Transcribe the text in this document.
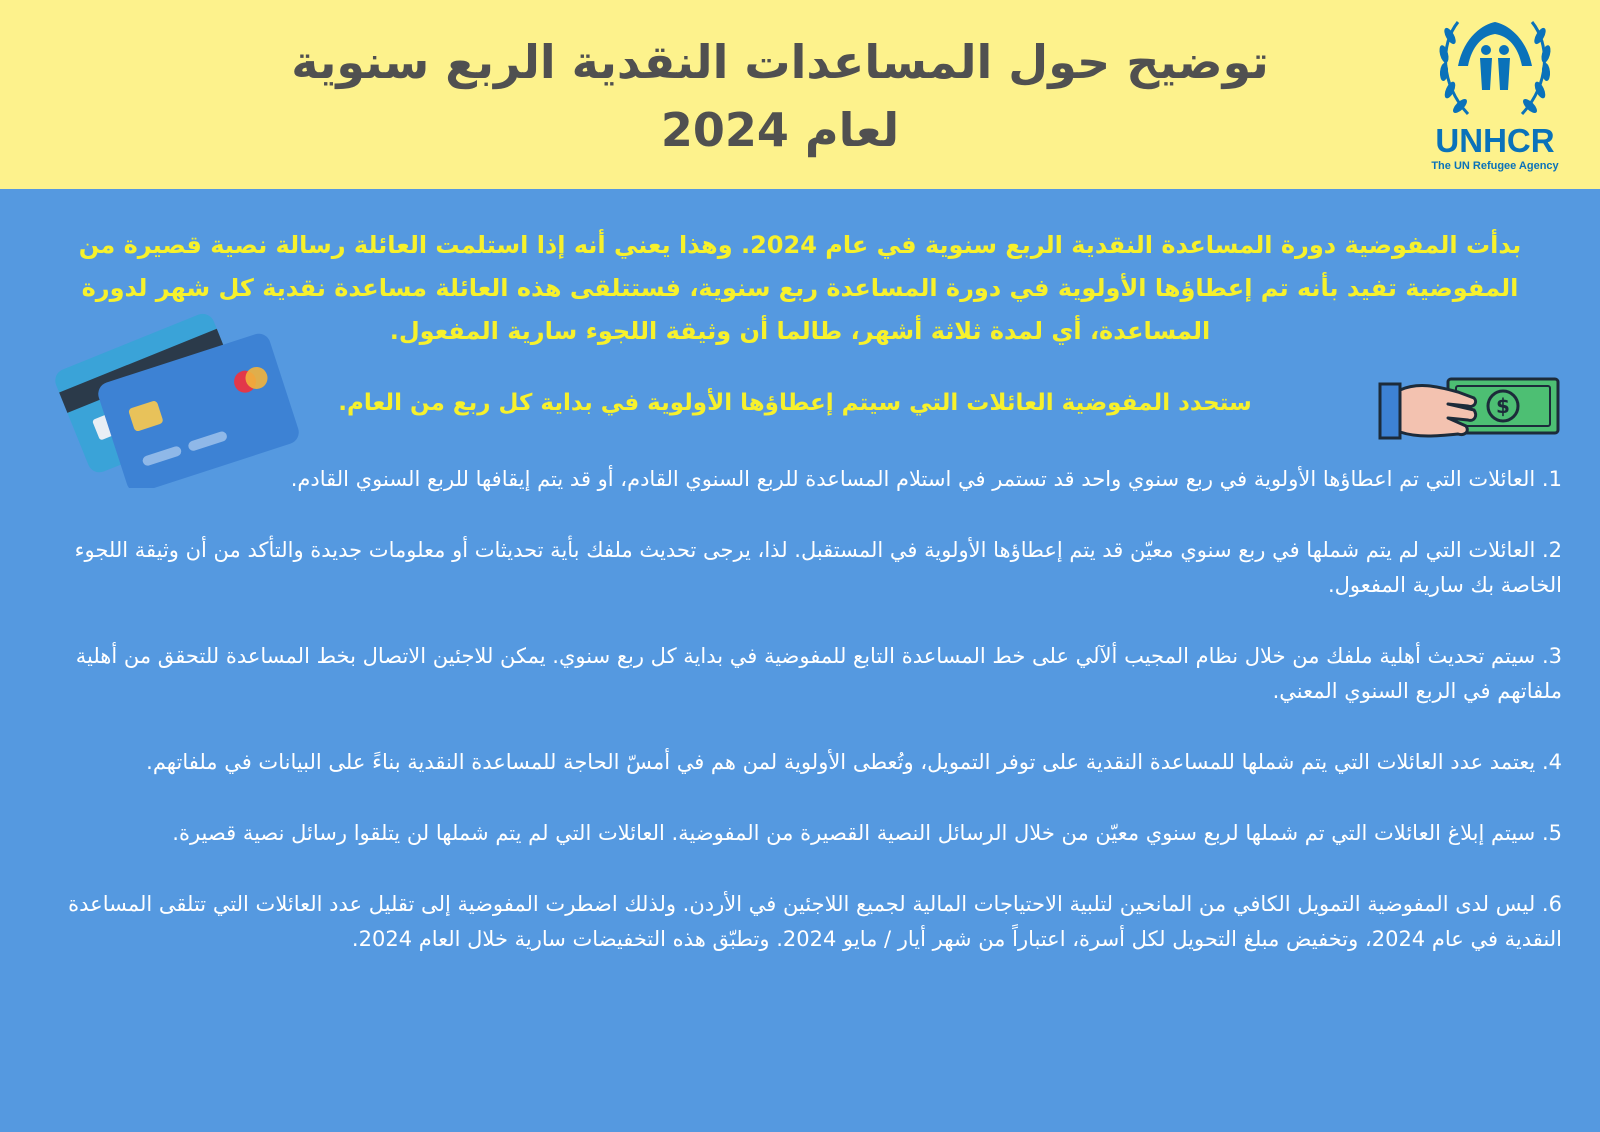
توضيح حول المساعدات النقدية الربع سنوية
لعام 2024	UNHCR
The UN Refugee Agency
$
بدأت المفوضية دورة المساعدة النقدية الربع سنوية في عام 2024. وهذا يعني أنه إذا استلمت العائلة رسالة نصية قصيرة من المفوضية تفيد بأنه تم إعطاؤها الأولوية في دورة المساعدة ربع سنوية، فستتلقى هذه العائلة مساعدة نقدية كل شهر لدورة المساعدة، أي لمدة ثلاثة أشهر، طالما أن وثيقة اللجوء سارية المفعول.
ستحدد المفوضية العائلات التي سيتم إعطاؤها الأولوية في بداية كل ربع من العام.
1. العائلات التي تم اعطاؤها الأولوية في ربع سنوي واحد قد تستمر في استلام المساعدة للربع السنوي القادم، أو قد يتم إيقافها للربع السنوي القادم.
2. العائلات التي لم يتم شملها في ربع سنوي معيّن قد يتم إعطاؤها الأولوية في المستقبل. لذا، يرجى تحديث ملفك بأية تحديثات أو معلومات جديدة والتأكد من أن وثيقة اللجوء الخاصة بك سارية المفعول.
3. سيتم تحديث أهلية ملفك من خلال نظام المجيب ألآلي على خط المساعدة التابع للمفوضية في بداية كل ربع سنوي. يمكن للاجئين الاتصال بخط المساعدة للتحقق من أهلية ملفاتهم في الربع السنوي المعني.
4. يعتمد عدد العائلات التي يتم شملها للمساعدة النقدية على توفر التمويل، وتُعطى الأولوية لمن هم في أمسّ الحاجة للمساعدة النقدية بناءً على البيانات في ملفاتهم.
5. سيتم إبلاغ العائلات التي تم شملها لربع سنوي معيّن من خلال الرسائل النصية القصيرة من المفوضية. العائلات التي لم يتم شملها لن يتلقوا رسائل نصية قصيرة.
6. ليس لدى المفوضية التمويل الكافي من المانحين لتلبية الاحتياجات المالية لجميع اللاجئين في الأردن. ولذلك اضطرت المفوضية إلى تقليل عدد العائلات التي تتلقى المساعدة النقدية في عام 2024، وتخفيض مبلغ التحويل لكل أسرة، اعتباراً من شهر أيار / مايو 2024. وتطبّق هذه التخفيضات سارية خلال العام 2024.
